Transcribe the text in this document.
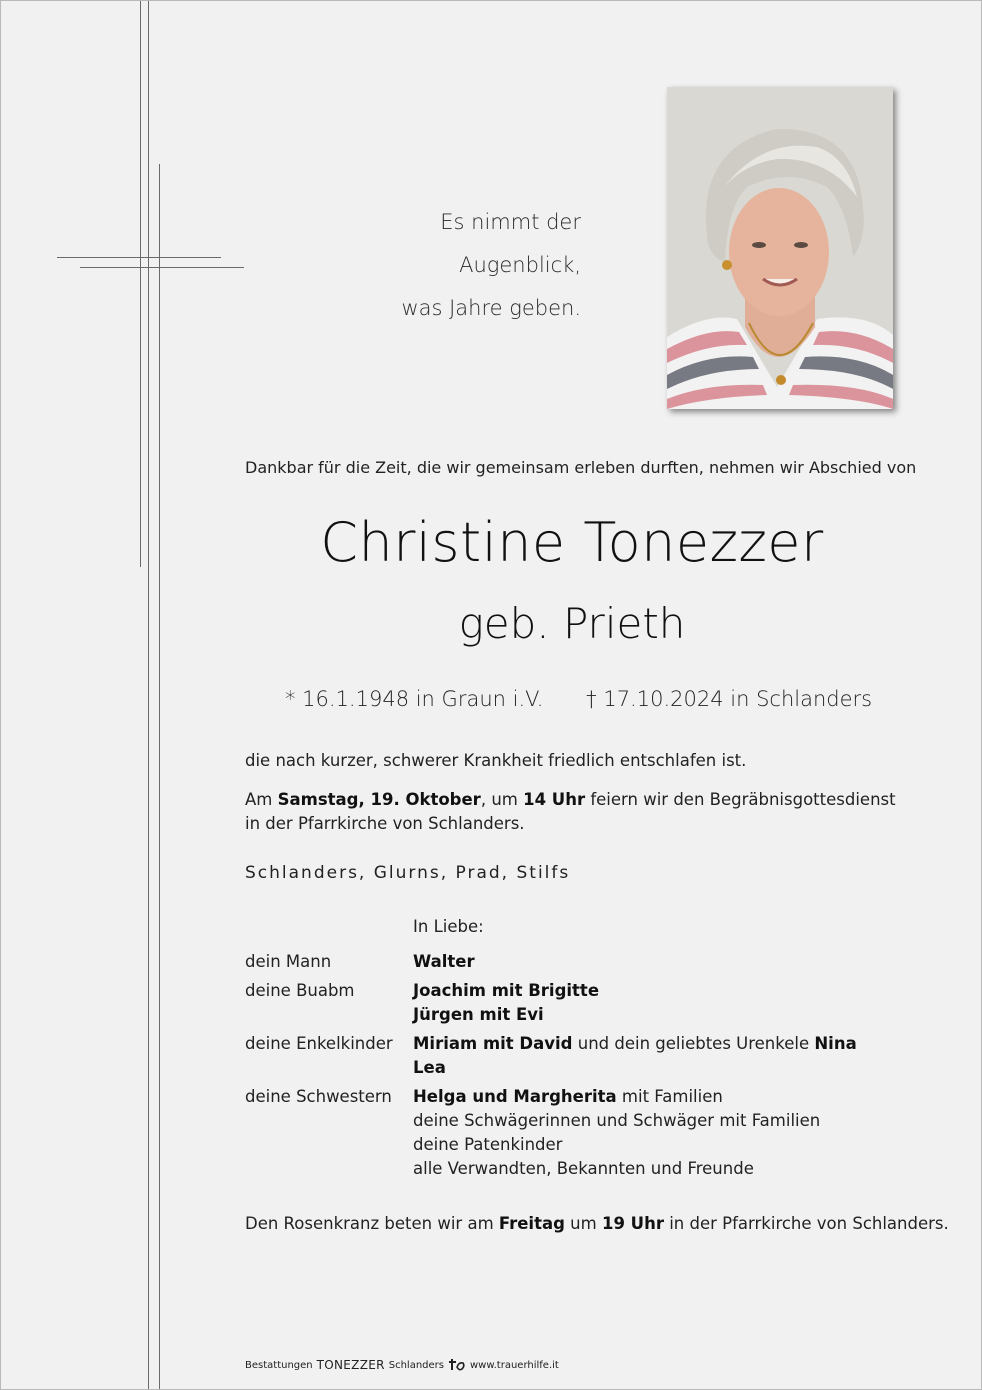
Es nimmt der
Augenblick,
was Jahre geben.
Dankbar für die Zeit, die wir gemeinsam erleben durften, nehmen wir Abschied von
Christine Tonezzer
geb. Prieth
* 16.1.1948 in Graun i.V. † 17.10.2024 in Schlanders
die nach kurzer, schwerer Krankheit friedlich entschlafen ist.
Am Samstag, 19. Oktober, um 14 Uhr feiern wir den Begräbnisgottesdienst
in der Pfarrkirche von Schlanders.
Schlanders, Glurns, Prad, Stilfs
In Liebe:
dein Mann	Walter
deine Buabm	Joachim mit Brigitte
Jürgen mit Evi
deine Enkelkinder	Miriam mit David und dein geliebtes Urenkele Nina
Lea
deine Schwestern	Helga und Margherita mit Familien
deine Schwägerinnen und Schwäger mit Familien
deine Patenkinder
alle Verwandten, Bekannten und Freunde
Den Rosenkranz beten wir am Freitag um 19 Uhr in der Pfarrkirche von Schlanders.
Bestattungen TONEZZER Schlanders	www.trauerhilfe.it
